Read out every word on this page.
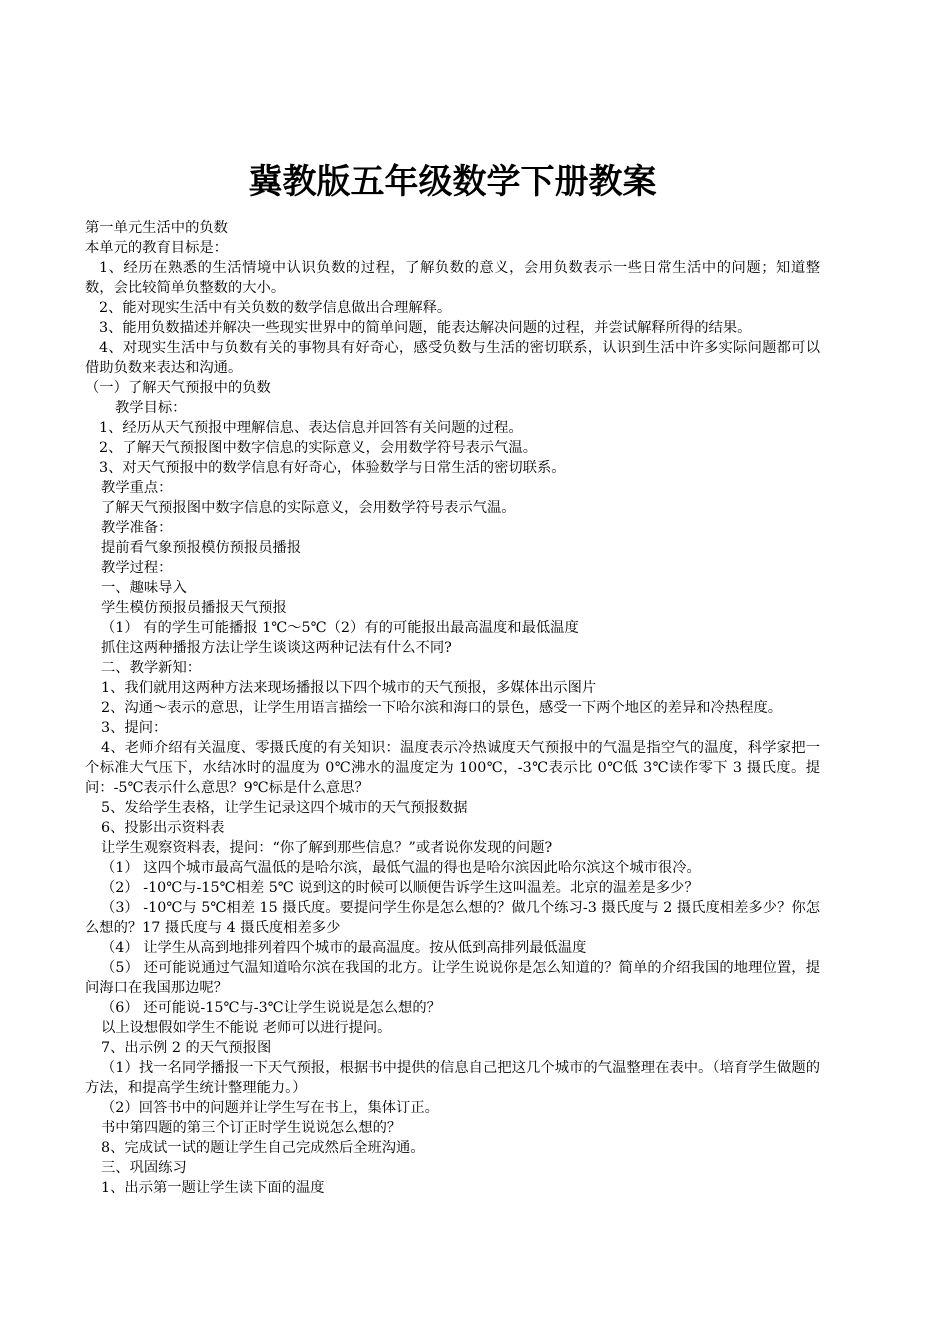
冀教版五年级数学下册教案

第一单元生活中的负数

本单元的教育目标是：

1、经历在熟悉的生活情境中认识负数的过程，了解负数的意义，会用负数表示一些日常生活中的问题；知道整数，会比较简单负整数的大小。

2、能对现实生活中有关负数的数学信息做出合理解释。

3、能用负数描述并解决一些现实世界中的简单问题，能表达解决问题的过程，并尝试解释所得的结果。

4、对现实生活中与负数有关的事物具有好奇心，感受负数与生活的密切联系，认识到生活中许多实际问题都可以借助负数来表达和沟通。

（一）了解天气预报中的负数

教学目标：

1、经历从天气预报中理解信息、表达信息并回答有关问题的过程。

2、了解天气预报图中数字信息的实际意义，会用数学符号表示气温。

3、对天气预报中的数学信息有好奇心，体验数学与日常生活的密切联系。

教学重点：

了解天气预报图中数字信息的实际意义，会用数学符号表示气温。

教学准备：

提前看气象预报模仿预报员播报

教学过程：

一、趣味导入

学生模仿预报员播报天气预报

（1） 有的学生可能播报 1℃～5℃（2）有的可能报出最高温度和最低温度

抓住这两种播报方法让学生谈谈这两种记法有什么不同?

二、教学新知：

1、我们就用这两种方法来现场播报以下四个城市的天气预报，多媒体出示图片

2、沟通～表示的意思，让学生用语言描绘一下哈尔滨和海口的景色，感受一下两个地区的差异和冷热程度。

3、提问：

4、老师介绍有关温度、零摄氏度的有关知识：温度表示冷热诚度天气预报中的气温是指空气的温度，科学家把一个标准大气压下，水结冰时的温度为 0℃沸水的温度定为 100℃，-3℃表示比 0℃低 3℃读作零下 3 摄氏度。提问：-5℃表示什么意思？9℃标是什么意思？

5、发给学生表格，让学生记录这四个城市的天气预报数据

6、投影出示资料表

让学生观察资料表，提问：“你了解到那些信息？”或者说你发现的问题?

（1） 这四个城市最高气温低的是哈尔滨，最低气温的得也是哈尔滨因此哈尔滨这个城市很冷。

（2） -10℃与-15℃相差 5℃ 说到这的时候可以顺便告诉学生这叫温差。北京的温差是多少？

（3） -10℃与 5℃相差 15 摄氏度。要提问学生你是怎么想的？做几个练习-3 摄氏度与 2 摄氏度相差多少？你怎么想的？17 摄氏度与 4 摄氏度相差多少

（4） 让学生从高到地排列着四个城市的最高温度。按从低到高排列最低温度

（5） 还可能说通过气温知道哈尔滨在我国的北方。让学生说说你是怎么知道的？简单的介绍我国的地理位置，提问海口在我国那边呢？

（6） 还可能说-15℃与-3℃让学生说说是怎么想的？

以上设想假如学生不能说 老师可以进行提问。

7、出示例 2 的天气预报图

（1）找一名同学播报一下天气预报，根据书中提供的信息自己把这几个城市的气温整理在表中。（培育学生做题的方法，和提高学生统计整理能力。）

（2）回答书中的问题并让学生写在书上，集体订正。

书中第四题的第三个订正时学生说说怎么想的？

8、完成试一试的题让学生自己完成然后全班沟通。

三、巩固练习

1、出示第一题让学生读下面的温度
